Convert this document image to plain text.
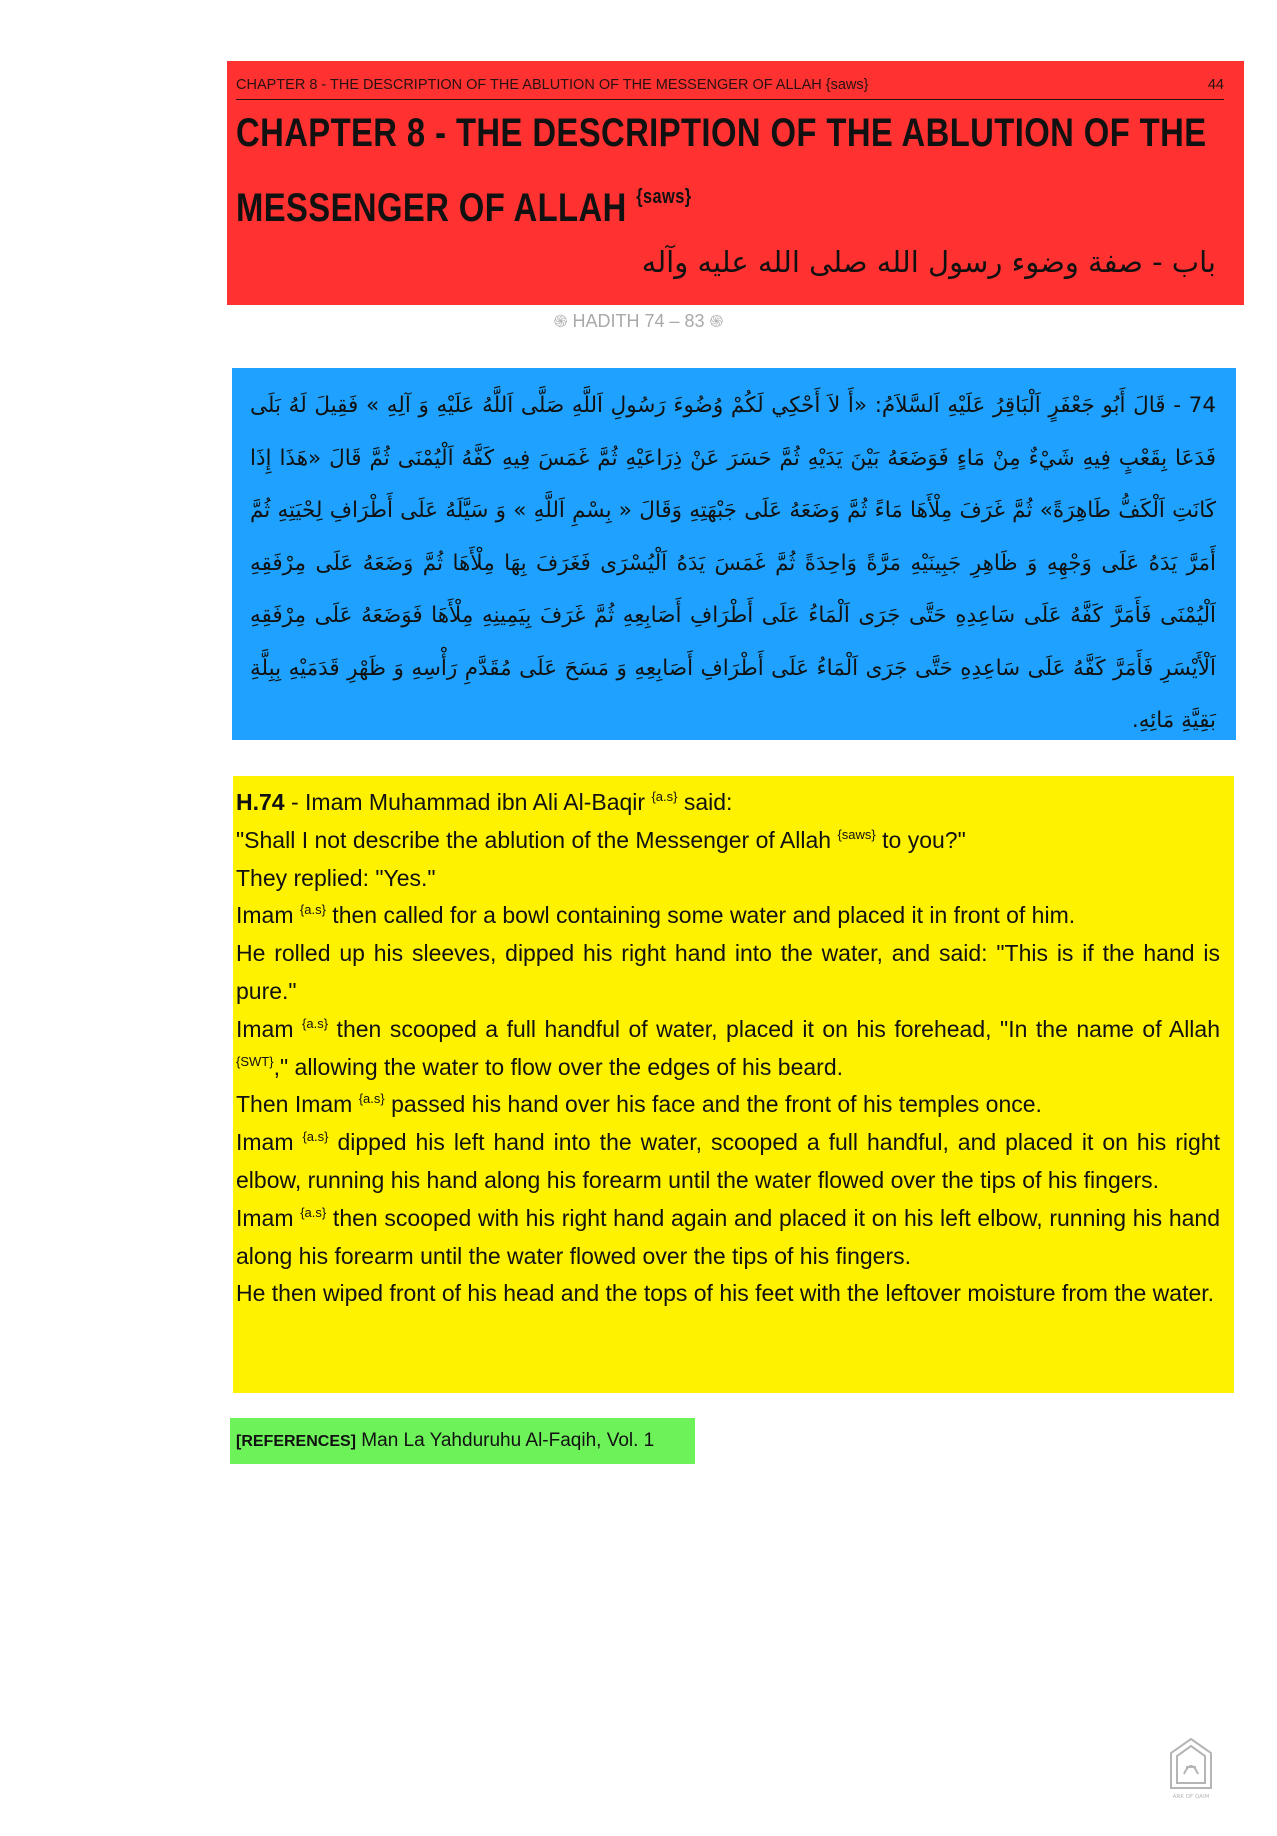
CHAPTER 8 - THE DESCRIPTION OF THE ABLUTION OF THE MESSENGER OF ALLAH {saws}	44
CHAPTER 8 - THE DESCRIPTION OF THE ABLUTION OF THE
MESSENGER OF ALLAH $^{\{saws\}}$
باب - صفة وضوء رسول الله صلى الله عليه وآله
֍ HADITH 74 – 83 ֍
74 - قَالَ أَبُو جَعْفَرٍ اَلْبَاقِرُ عَلَيْهِ اَلسَّلاَمُ: «أَ لاَ أَحْكِي لَكُمْ وُضُوءَ رَسُولِ اَللَّهِ صَلَّى اَللَّهُ عَلَيْهِ وَ آلِهِ » فَقِيلَ لَهُ بَلَى فَدَعَا بِقَعْبٍ فِيهِ شَيْءٌ مِنْ مَاءٍ فَوَضَعَهُ بَيْنَ يَدَيْهِ ثُمَّ حَسَرَ عَنْ ذِرَاعَيْهِ ثُمَّ غَمَسَ فِيهِ كَفَّهُ اَلْيُمْنَى ثُمَّ قَالَ «هَذَا إِذَا كَانَتِ اَلْكَفُّ طَاهِرَةً» ثُمَّ غَرَفَ مِلْأَهَا مَاءً ثُمَّ وَضَعَهُ عَلَى جَبْهَتِهِ وَقَالَ « بِسْمِ اَللَّهِ » وَ سَيَّلَهُ عَلَى أَطْرَافِ لِحْيَتِهِ ثُمَّ أَمَرَّ يَدَهُ عَلَى وَجْهِهِ وَ ظَاهِرِ جَبِينَيْهِ مَرَّةً وَاحِدَةً ثُمَّ غَمَسَ يَدَهُ اَلْيُسْرَى فَغَرَفَ بِهَا مِلْأَهَا ثُمَّ وَضَعَهُ عَلَى مِرْفَقِهِ اَلْيُمْنَى فَأَمَرَّ كَفَّهُ عَلَى سَاعِدِهِ حَتَّى جَرَى اَلْمَاءُ عَلَى أَطْرَافِ أَصَابِعِهِ ثُمَّ غَرَفَ بِيَمِينِهِ مِلْأَهَا فَوَضَعَهُ عَلَى مِرْفَقِهِ اَلْأَيْسَرِ فَأَمَرَّ كَفَّهُ عَلَى سَاعِدِهِ حَتَّى جَرَى اَلْمَاءُ عَلَى أَطْرَافِ أَصَابِعِهِ وَ مَسَحَ عَلَى مُقَدَّمِ رَأْسِهِ وَ ظَهْرِ قَدَمَيْهِ بِبِلَّةِ بَقِيَّةِ مَائِهِ.

H.74 - Imam Muhammad ibn Ali Al-Baqir $^{\{a.s\}}$ said:

"Shall I not describe the ablution of the Messenger of Allah $^{\{saws\}}$ to you?"

They replied: "Yes."

Imam $^{\{a.s\}}$ then called for a bowl containing some water and placed it in front of him.

He rolled up his sleeves, dipped his right hand into the water, and said: "This is if the hand is pure."

Imam $^{\{a.s\}}$ then scooped a full handful of water, placed it on his forehead, "In the name of Allah $^{\{SWT\}}$," allowing the water to flow over the edges of his beard.

Then Imam $^{\{a.s\}}$ passed his hand over his face and the front of his temples once.

Imam $^{\{a.s\}}$ dipped his left hand into the water, scooped a full handful, and placed it on his right elbow, running his hand along his forearm until the water flowed over the tips of his fingers.

Imam $^{\{a.s\}}$ then scooped with his right hand again and placed it on his left elbow, running his hand along his forearm until the water flowed over the tips of his fingers.

He then wiped front of his head and the tops of his feet with the leftover moisture from the water.

[REFERENCES] Man La Yahduruhu Al-Faqih, Vol. 1
ARK OF QAIM
